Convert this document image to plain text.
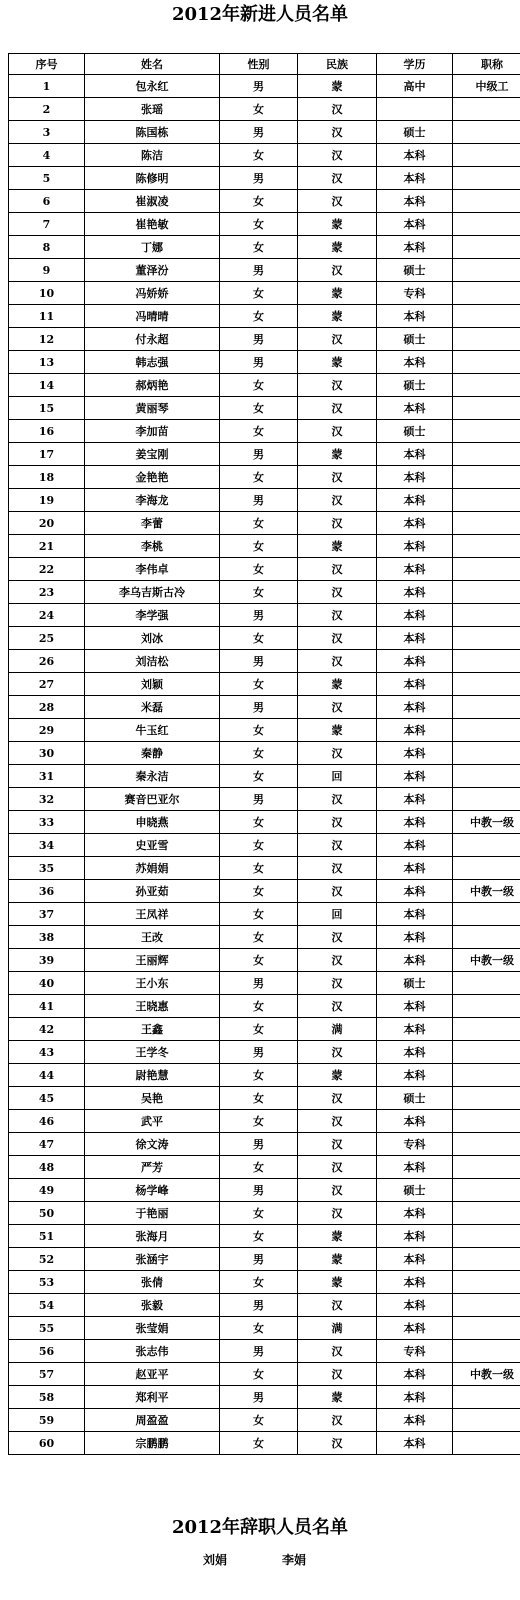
2012年新进人员名单
序号	姓名	性别	民族	学历	职称
1	包永红	男	蒙	高中	中级工
2	张瑶	女	汉		
3	陈国栋	男	汉	硕士	
4	陈洁	女	汉	本科	
5	陈修明	男	汉	本科	
6	崔淑凌	女	汉	本科	
7	崔艳敏	女	蒙	本科	
8	丁娜	女	蒙	本科	
9	董泽汾	男	汉	硕士	
10	冯娇娇	女	蒙	专科	
11	冯晴晴	女	蒙	本科	
12	付永超	男	汉	硕士	
13	韩志强	男	蒙	本科	
14	郝炳艳	女	汉	硕士	
15	黄丽琴	女	汉	本科	
16	李加苗	女	汉	硕士	
17	姜宝刚	男	蒙	本科	
18	金艳艳	女	汉	本科	
19	李海龙	男	汉	本科	
20	李蕾	女	汉	本科	
21	李桃	女	蒙	本科	
22	李伟卓	女	汉	本科	
23	李乌吉斯古冷	女	汉	本科	
24	李学强	男	汉	本科	
25	刘冰	女	汉	本科	
26	刘洁松	男	汉	本科	
27	刘颖	女	蒙	本科	
28	米磊	男	汉	本科	
29	牛玉红	女	蒙	本科	
30	秦静	女	汉	本科	
31	秦永洁	女	回	本科	
32	赛音巴亚尔	男	汉	本科	
33	申晓燕	女	汉	本科	中教一级
34	史亚雪	女	汉	本科	
35	苏娟娟	女	汉	本科	
36	孙亚茹	女	汉	本科	中教一级
37	王凤祥	女	回	本科	
38	王改	女	汉	本科	
39	王丽辉	女	汉	本科	中教一级
40	王小东	男	汉	硕士	
41	王晓惠	女	汉	本科	
42	王鑫	女	满	本科	
43	王学冬	男	汉	本科	
44	尉艳慧	女	蒙	本科	
45	吴艳	女	汉	硕士	
46	武平	女	汉	本科	
47	徐文涛	男	汉	专科	
48	严芳	女	汉	本科	
49	杨学峰	男	汉	硕士	
50	于艳丽	女	汉	本科	
51	张海月	女	蒙	本科	
52	张涵宇	男	蒙	本科	
53	张倩	女	蒙	本科	
54	张毅	男	汉	本科	
55	张莹娟	女	满	本科	
56	张志伟	男	汉	专科	
57	赵亚平	女	汉	本科	中教一级
58	郑利平	男	蒙	本科	
59	周盈盈	女	汉	本科	
60	宗鹏鹏	女	汉	本科	
2012年辞职人员名单
刘娟	李娟
